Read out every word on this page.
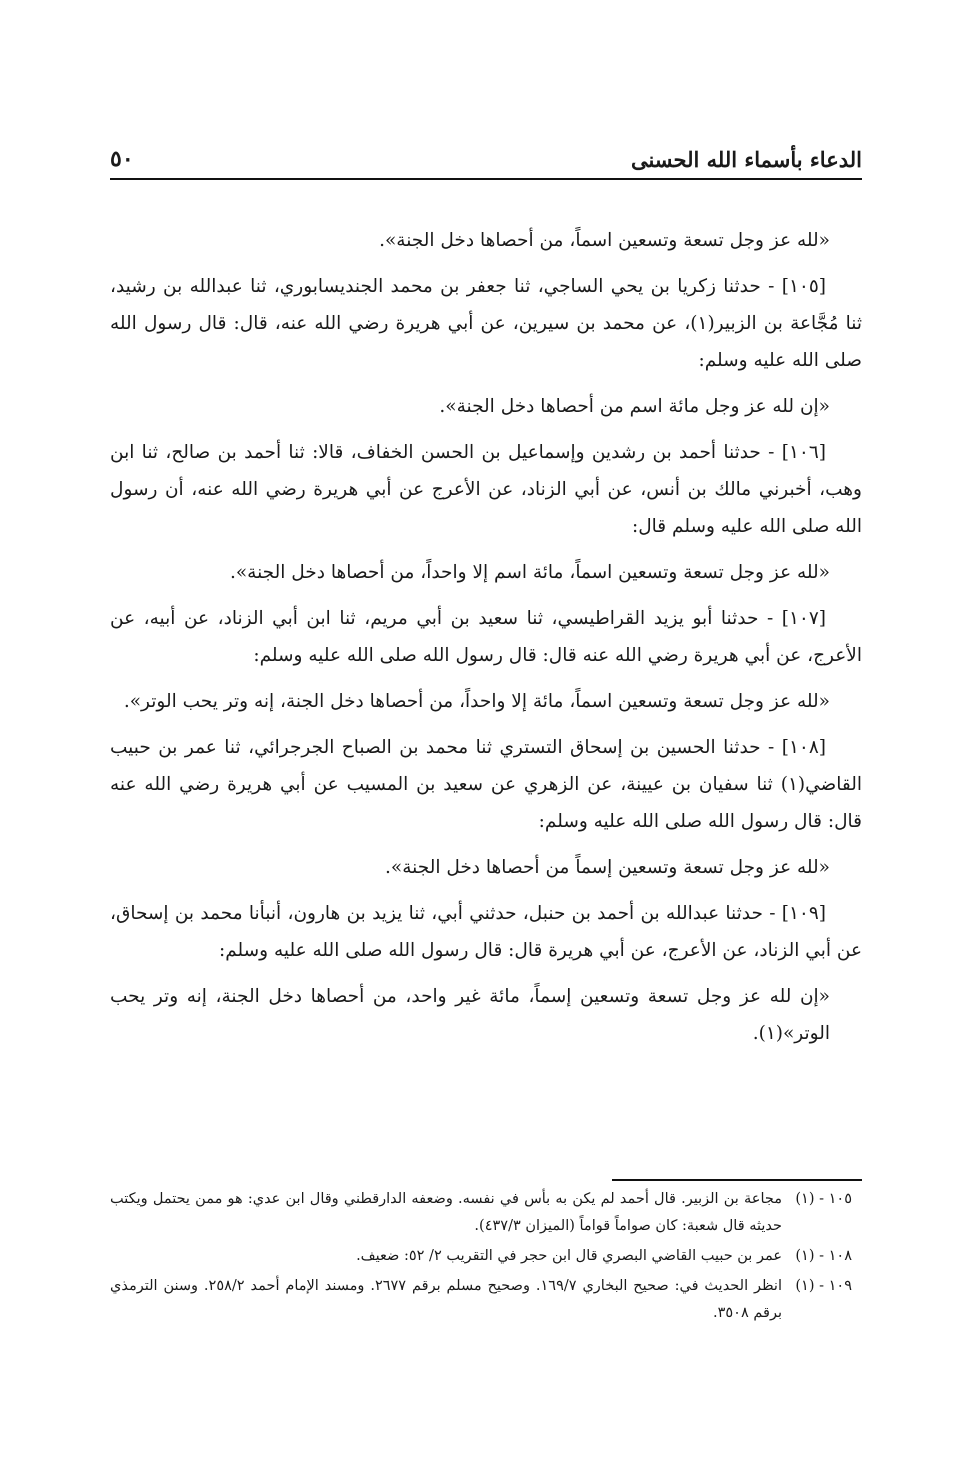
الدعاء بأسماء الله الحسنى
٥٠

«لله عز وجل تسعة وتسعين اسماً، من أحصاها دخل الجنة».

[١٠٥] - حدثنا زكريا بن يحي الساجي، ثنا جعفر بن محمد الجنديسابوري، ثنا عبدالله بن رشيد، ثنا مُجَّاعة بن الزبير(١)، عن محمد بن سيرين، عن أبي هريرة رضي الله عنه، قال: قال رسول الله صلى الله عليه وسلم:

«إن لله عز وجل مائة اسم من أحصاها دخل الجنة».

[١٠٦] - حدثنا أحمد بن رشدين وإسماعيل بن الحسن الخفاف، قالا: ثنا أحمد بن صالح، ثنا ابن وهب، أخبرني مالك بن أنس، عن أبي الزناد، عن الأعرج عن أبي هريرة رضي الله عنه، أن رسول الله صلى الله عليه وسلم قال:

«لله عز وجل تسعة وتسعين اسماً، مائة اسم إلا واحداً، من أحصاها دخل الجنة».

[١٠٧] - حدثنا أبو يزيد القراطيسي، ثنا سعيد بن أبي مريم، ثنا ابن أبي الزناد، عن أبيه، عن الأعرج، عن أبي هريرة رضي الله عنه قال: قال رسول الله صلى الله عليه وسلم:

«لله عز وجل تسعة وتسعين اسماً، مائة إلا واحداً، من أحصاها دخل الجنة، إنه وتر يحب الوتر».

[١٠٨] - حدثنا الحسين بن إسحاق التستري ثنا محمد بن الصباح الجرجرائي، ثنا عمر بن حبيب القاضي(١) ثنا سفيان بن عيينة، عن الزهري عن سعيد بن المسيب عن أبي هريرة رضي الله عنه قال: قال رسول الله صلى الله عليه وسلم:

«لله عز وجل تسعة وتسعين إسماً من أحصاها دخل الجنة».

[١٠٩] - حدثنا عبدالله بن أحمد بن حنبل، حدثني أبي، ثنا يزيد بن هارون، أنبأنا محمد بن إسحاق، عن أبي الزناد، عن الأعرج، عن أبي هريرة قال: قال رسول الله صلى الله عليه وسلم:

«إن لله عز وجل تسعة وتسعين إسماً، مائة غير واحد، من أحصاها دخل الجنة، إنه وتر يحب الوتر»(١).

١٠٥ - (١)
مجاعة بن الزبير. قال أحمد لم يكن به بأس في نفسه. وضعفه الدارقطني وقال ابن عدي: هو ممن يحتمل ويكتب حديثه قال شعبة: كان صواماً قواماً (الميزان ٤٣٧/٣).

١٠٨ - (١)
عمر بن حبيب القاضي البصري قال ابن حجر في التقريب ٢/ ٥٢: ضعيف.

١٠٩ - (١)
انظر الحديث في: صحيح البخاري ١٦٩/٧. وصحيح مسلم برقم ٢٦٧٧. ومسند الإمام أحمد ٢٥٨/٢. وسنن الترمذي برقم ٣٥٠٨.
